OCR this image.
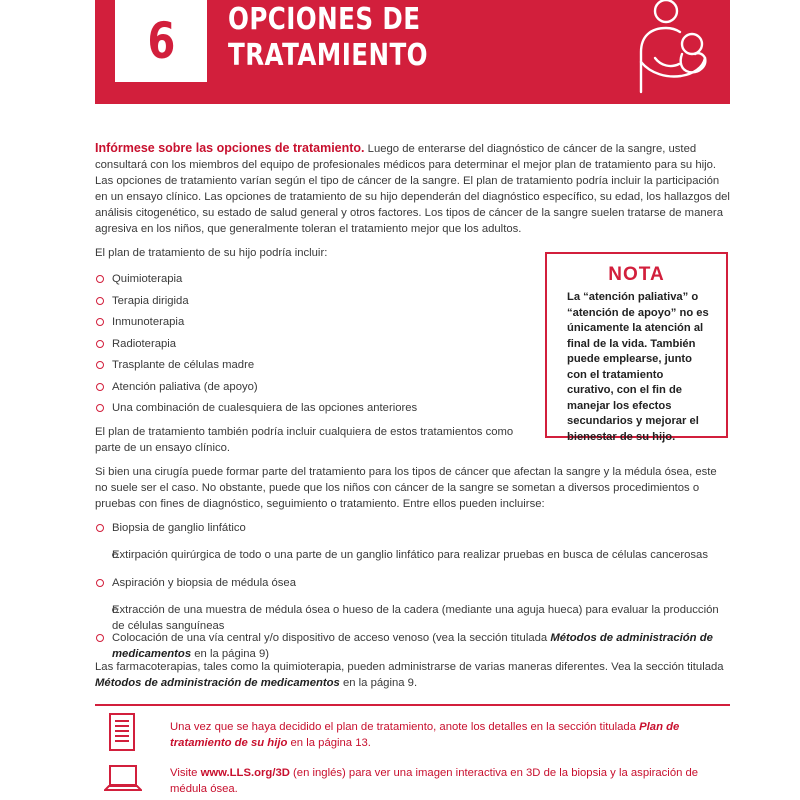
6 OPCIONES DE
TRATAMIENTO

Infórmese sobre las opciones de tratamiento. Luego de enterarse del diagnóstico de cáncer de la sangre, usted consultará con los miembros del equipo de profesionales médicos para determinar el mejor plan de tratamiento para su hijo. Las opciones de tratamiento varían según el tipo de cáncer de la sangre. El plan de tratamiento podría incluir la participación en un ensayo clínico. Las opciones de tratamiento de su hijo dependerán del diagnóstico específico, su edad, los hallazgos del análisis citogenético, su estado de salud general y otros factores. Los tipos de cáncer de la sangre suelen tratarse de manera agresiva en los niños, que generalmente toleran el tratamiento mejor que los adultos.

El plan de tratamiento de su hijo podría incluir:

Quimioterapia
Terapia dirigida
Inmunoterapia
Radioterapia
Trasplante de células madre
Atención paliativa (de apoyo)
Una combinación de cualesquiera de las opciones anteriores

El plan de tratamiento también podría incluir cualquiera de estos tratamientos como parte de un ensayo clínico.

Si bien una cirugía puede formar parte del tratamiento para los tipos de cáncer que afectan la sangre y la médula ósea, este no suele ser el caso. No obstante, puede que los niños con cáncer de la sangre se sometan a diversos procedimientos o pruebas con fines de diagnóstico, seguimiento o tratamiento. Entre ellos pueden incluirse:

Biopsia de ganglio linfático
Extirpación quirúrgica de todo o una parte de un ganglio linfático para realizar pruebas en busca de células cancerosas
Aspiración y biopsia de médula ósea
Extracción de una muestra de médula ósea o hueso de la cadera (mediante una aguja hueca) para evaluar la producción de células sanguíneas
Colocación de una vía central y/o dispositivo de acceso venoso (vea la sección titulada Métodos de administración de medicamentos en la página 9)

Las farmacoterapias, tales como la quimioterapia, pueden administrarse de varias maneras diferentes. Vea la sección titulada Métodos de administración de medicamentos en la página 9.

NOTA
La “atención paliativa” o “atención de apoyo” no es únicamente la atención al final de la vida. También puede emplearse, junto con el tratamiento curativo, con el fin de manejar los efectos secundarios y mejorar el bienestar de su hijo.
Una vez que se haya decidido el plan de tratamiento, anote los detalles en la sección titulada Plan de tratamiento de su hijo en la página 13.
Visite www.LLS.org/3D (en inglés) para ver una imagen interactiva en 3D de la biopsia y la aspiración de médula ósea.
